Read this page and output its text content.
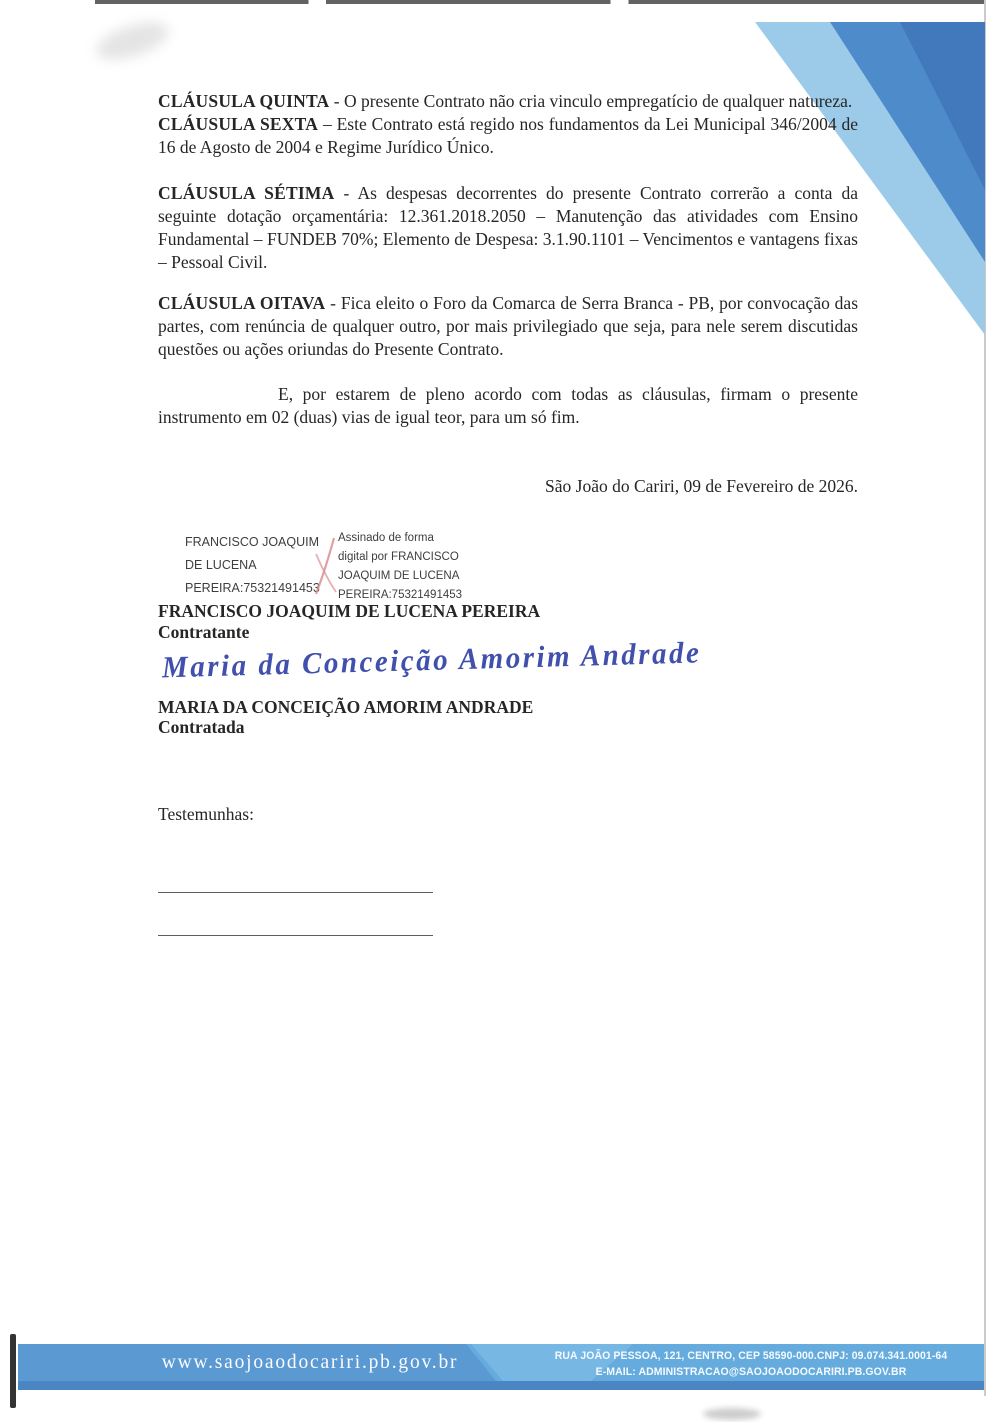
CLÁUSULA QUINTA - O presente Contrato não cria vinculo empregatício de qualquer natureza.

CLÁUSULA SEXTA – Este Contrato está regido nos fundamentos da Lei Municipal 346/2004 de 16 de Agosto de 2004 e Regime Jurídico Único.

CLÁUSULA SÉTIMA - As despesas decorrentes do presente Contrato correrão a conta da seguinte dotação orçamentária: 12.361.2018.2050 – Manutenção das atividades com Ensino Fundamental – FUNDEB 70%; Elemento de Despesa: 3.1.90.1101 – Vencimentos e vantagens fixas – Pessoal Civil.

CLÁUSULA OITAVA - Fica eleito o Foro da Comarca de Serra Branca - PB, por convocação das partes, com renúncia de qualquer outro, por mais privilegiado que seja, para nele serem discutidas questões ou ações oriundas do Presente Contrato.

E, por estarem de pleno acordo com todas as cláusulas, firmam o presente instrumento em 02 (duas) vias de igual teor, para um só fim.

São João do Cariri, 09 de Fevereiro de 2026.

FRANCISCO JOAQUIM
DE LUCENA
PEREIRA:75321491453
Assinado de forma
digital por FRANCISCO
JOAQUIM DE LUCENA
PEREIRA:75321491453
FRANCISCO JOAQUIM DE LUCENA PEREIRA
Contratante
Maria da Conceição Amorim Andrade
MARIA DA CONCEIÇÃO AMORIM ANDRADE
Contratada
Testemunhas:
www.saojoaodocariri.pb.gov.br	RUA JOÃO PESSOA, 121, CENTRO, CEP 58590-000.CNPJ: 09.074.341.0001-64
E-MAIL: ADMINISTRACAO@SAOJOAODOCARIRI.PB.GOV.BR
